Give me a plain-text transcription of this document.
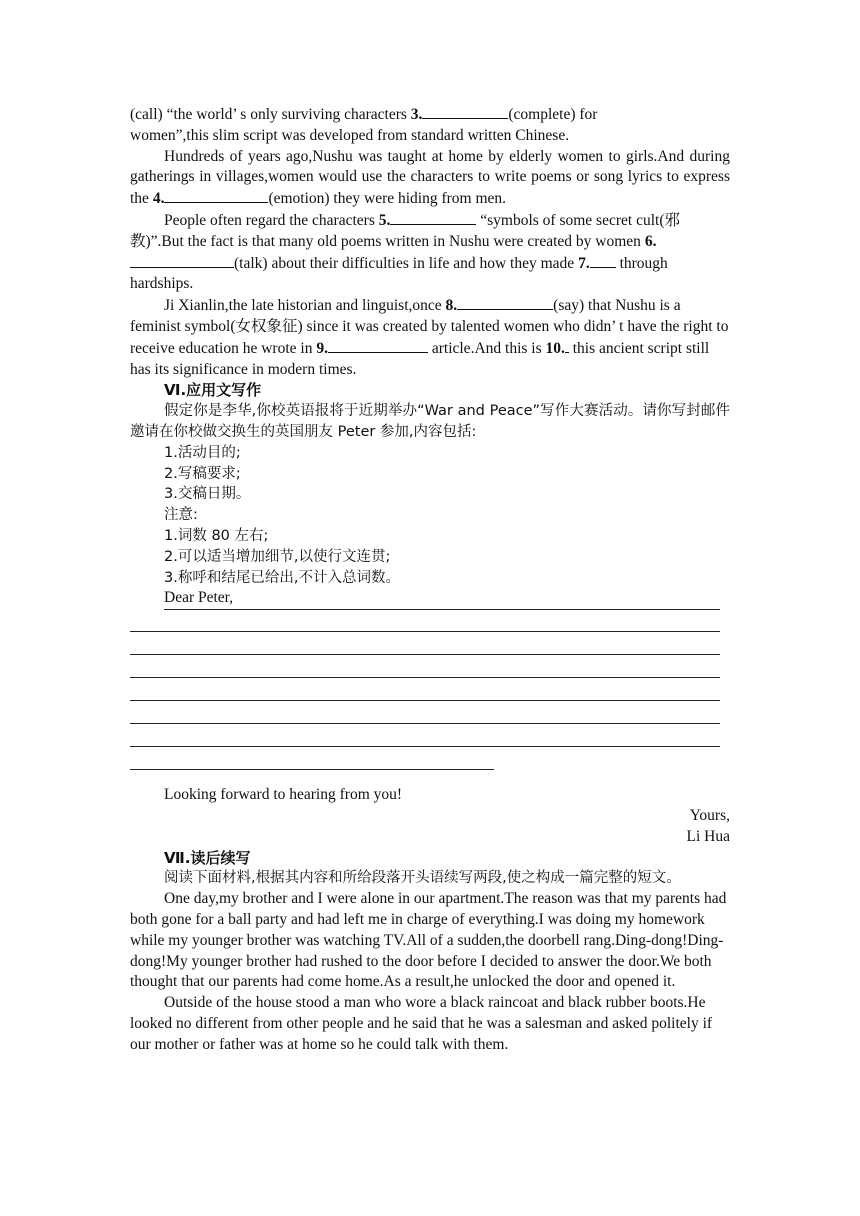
(call) “the world’ s only surviving characters 3.	(complete) for

women”,this slim script was developed from standard written Chinese.

Hundreds of years ago,Nushu was taught at home by elderly women to girls.And during gatherings in villages,women would use the characters to write poems or song lyrics to express the 4.	(emotion) they were hiding from men.

People often regard the characters 5.	“symbols of some secret cult(邪教)”.But the fact is that many old poems written in Nushu were created by women 6.(talk) about their difficulties in life and how they made 7. through hardships.

Ji Xianlin,the late historian and linguist,once 8.	(say) that Nushu is a feminist symbol(女权象征) since it was created by talented women who didn’ t have the right to receive education he wrote in 9.	article.And this is 10. this ancient script still has its significance in modern times.

Ⅵ.应用文写作

假定你是李华,你校英语报将于近期举办“War and Peace”写作大赛活动。请你写封邮件邀请在你校做交换生的英国朋友 Peter 参加,内容包括:

1.活动目的;

2.写稿要求;

3.交稿日期。

注意:

1.词数 80 左右;

2.可以适当增加细节,以使行文连贯;

3.称呼和结尾已给出,不计入总词数。

Dear Peter,

Looking forward to hearing from you!

Yours,

Li Hua

Ⅶ.读后续写

阅读下面材料,根据其内容和所给段落开头语续写两段,使之构成一篇完整的短文。

One day,my brother and I were alone in our apartment.The reason was that my parents had both gone for a ball party and had left me in charge of everything.I was doing my homework while my younger brother was watching TV.All of a sudden,the doorbell rang.Ding-dong!Ding-dong!My younger brother had rushed to the door before I decided to answer the door.We both thought that our parents had come home.As a result,he unlocked the door and opened it.

Outside of the house stood a man who wore a black raincoat and black rubber boots.He looked no different from other people and he said that he was a salesman and asked politely if our mother or father was at home so he could talk with them.
